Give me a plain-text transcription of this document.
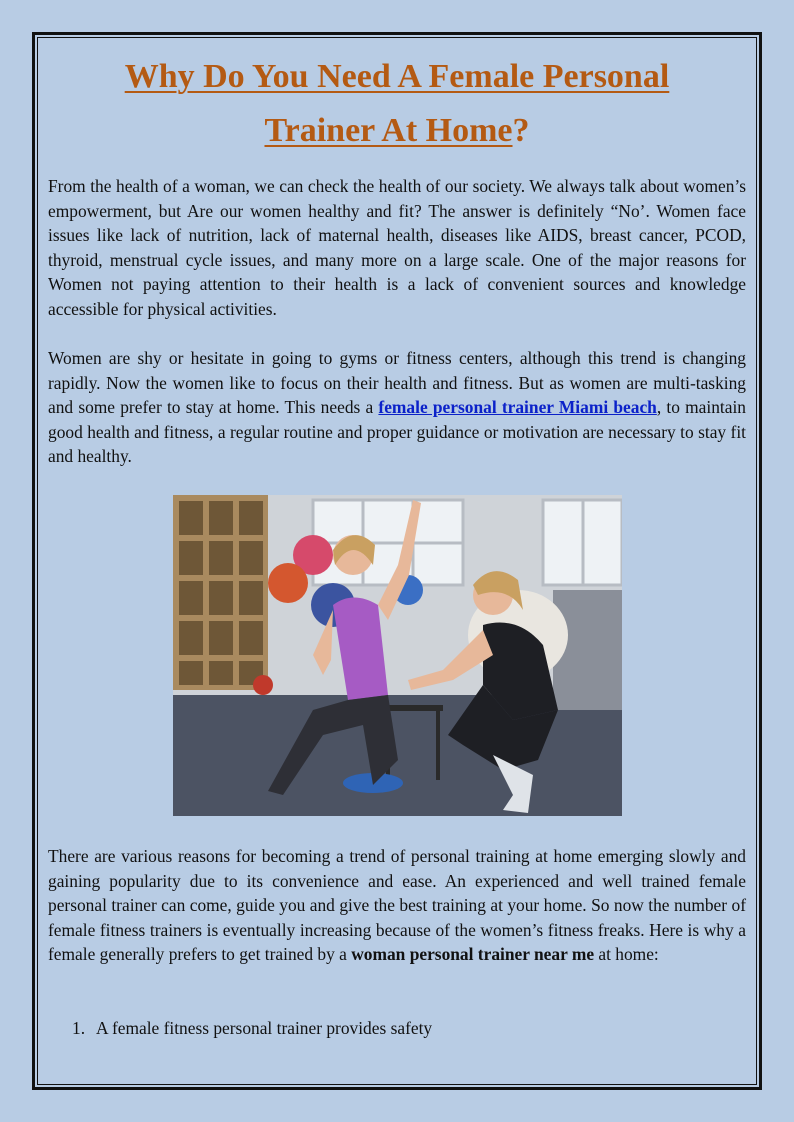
Why Do You Need A Female Personal
Trainer At Home?

From the health of a woman, we can check the health of our society. We always talk about women’s empowerment, but Are our women healthy and fit? The answer is definitely “No’. Women face issues like lack of nutrition, lack of maternal health, diseases like AIDS, breast cancer, PCOD, thyroid, menstrual cycle issues, and many more on a large scale. One of the major reasons for Women not paying attention to their health is a lack of convenient sources and knowledge accessible for physical activities.

Women are shy or hesitate in going to gyms or fitness centers, although this trend is changing rapidly. Now the women like to focus on their health and fitness. But as women are multi-tasking and some prefer to stay at home. This needs a female personal trainer Miami beach, to maintain good health and fitness, a regular routine and proper guidance or motivation are necessary to stay fit and healthy.

There are various reasons for becoming a trend of personal training at home emerging slowly and gaining popularity due to its convenience and ease. An experienced and well trained female personal trainer can come, guide you and give the best training at your home. So now the number of female fitness trainers is eventually increasing because of the women’s fitness freaks. Here is why a female generally prefers to get trained by a woman personal trainer near me at home:

1. A female fitness personal trainer provides safety
